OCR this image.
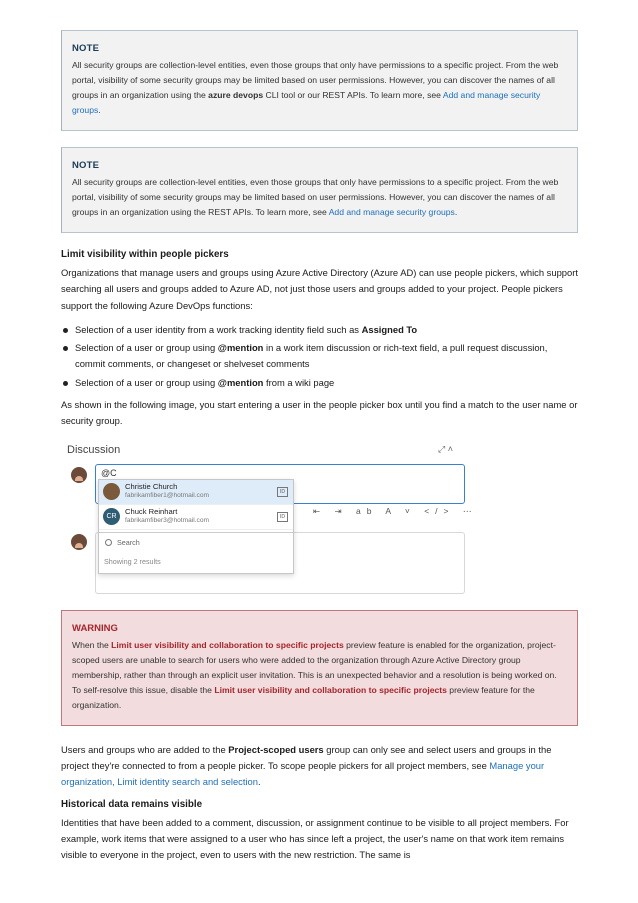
NOTE
All security groups are collection-level entities, even those groups that only have permissions to a specific project. From the web portal, visibility of some security groups may be limited based on user permissions. However, you can discover the names of all groups in an organization using the azure devops CLI tool or our REST APIs. To learn more, see Add and manage security groups.
NOTE
All security groups are collection-level entities, even those groups that only have permissions to a specific project. From the web portal, visibility of some security groups may be limited based on user permissions. However, you can discover the names of all groups in an organization using the REST APIs. To learn more, see Add and manage security groups.
Limit visibility within people pickers

Organizations that manage users and groups using Azure Active Directory (Azure AD) can use people pickers, which support searching all users and groups added to Azure AD, not just those users and groups added to your project. People pickers support the following Azure DevOps functions:

Selection of a user identity from a work tracking identity field such as Assigned To
Selection of a user or group using @mention in a work item discussion or rich-text field, a pull request discussion, commit comments, or changeset or shelveset comments
Selection of a user or group using @mention from a wiki page

As shown in the following image, you start entering a user in the people picker box until you find a match to the user name or security group.

Discussion	⤢ ˄
@C
⇤ ⇥ ab A ˅ </> ⋯
Christie Church
fabrikamfiber1@hotmail.com	ID
CR
Chuck Reinhart
fabrikamfiber3@hotmail.com	ID
Search
Showing 2 results
WARNING
When the Limit user visibility and collaboration to specific projects preview feature is enabled for the organization, project-scoped users are unable to search for users who were added to the organization through Azure Active Directory group membership, rather than through an explicit user invitation. This is an unexpected behavior and a resolution is being worked on. To self-resolve this issue, disable the Limit user visibility and collaboration to specific projects preview feature for the organization.

Users and groups who are added to the Project-scoped users group can only see and select users and groups in the project they're connected to from a people picker. To scope people pickers for all project members, see Manage your organization, Limit identity search and selection.

Historical data remains visible

Identities that have been added to a comment, discussion, or assignment continue to be visible to all project members. For example, work items that were assigned to a user who has since left a project, the user's name on that work item remains visible to everyone in the project, even to users with the new restriction. The same is
